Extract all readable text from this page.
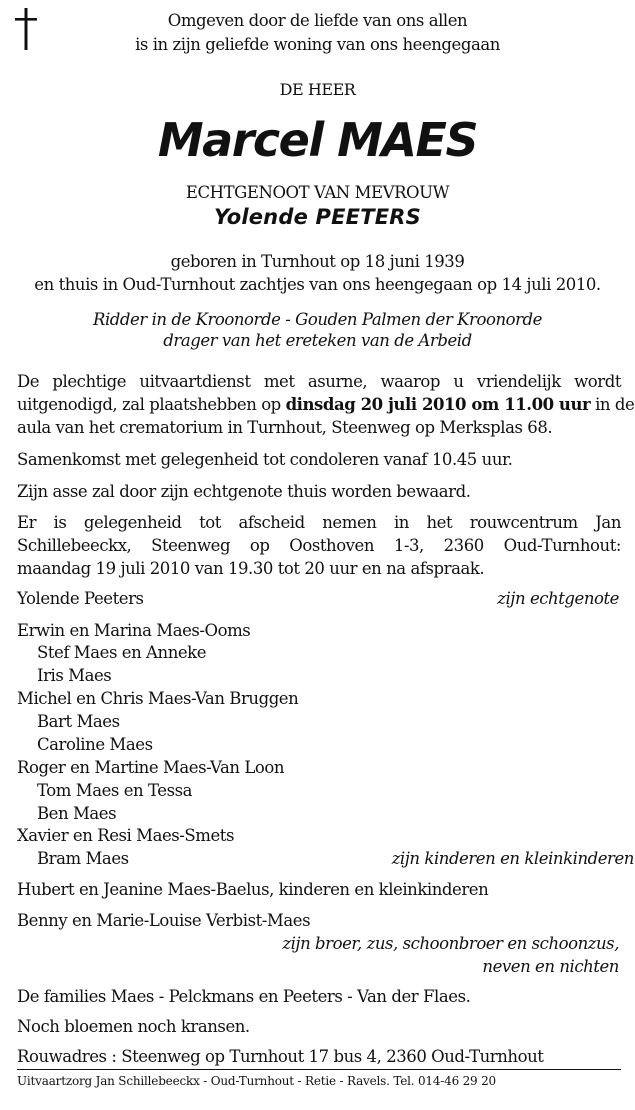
Omgeven door de liefde van ons allen
is in zijn geliefde woning van ons heengegaan
DE HEER
Marcel MAES
ECHTGENOOT VAN MEVROUW
Yolende PEETERS
geboren in Turnhout op 18 juni 1939
en thuis in Oud-Turnhout zachtjes van ons heengegaan op 14 juli 2010.
Ridder in de Kroonorde - Gouden Palmen der Kroonorde
drager van het ereteken van de Arbeid
De plechtige uitvaartdienst met asurne, waarop u vriendelijk wordt
uitgenodigd, zal plaatshebben op dinsdag 20 juli 2010 om 11.00 uur in de
aula van het crematorium in Turnhout, Steenweg op Merksplas 68.
Samenkomst met gelegenheid tot condoleren vanaf 10.45 uur.
Zijn asse zal door zijn echtgenote thuis worden bewaard.
Er is gelegenheid tot afscheid nemen in het rouwcentrum Jan
Schillebeeckx, Steenweg op Oosthoven 1-3, 2360 Oud-Turnhout:
maandag 19 juli 2010 van 19.30 tot 20 uur en na afspraak.
Yolende Peeters	zijn echtgenote
Erwin en Marina Maes-Ooms
Stef Maes en Anneke
Iris Maes
Michel en Chris Maes-Van Bruggen
Bart Maes
Caroline Maes
Roger en Martine Maes-Van Loon
Tom Maes en Tessa
Ben Maes
Xavier en Resi Maes-Smets
Bram Maes	zijn kinderen en kleinkinderen
Hubert en Jeanine Maes-Baelus, kinderen en kleinkinderen
Benny en Marie-Louise Verbist-Maes
zijn broer, zus, schoonbroer en schoonzus,
neven en nichten
De families Maes - Pelckmans en Peeters - Van der Flaes.
Noch bloemen noch kransen.
Rouwadres : Steenweg op Turnhout 17 bus 4, 2360 Oud-Turnhout
Uitvaartzorg Jan Schillebeeckx - Oud-Turnhout - Retie - Ravels. Tel. 014-46 29 20
